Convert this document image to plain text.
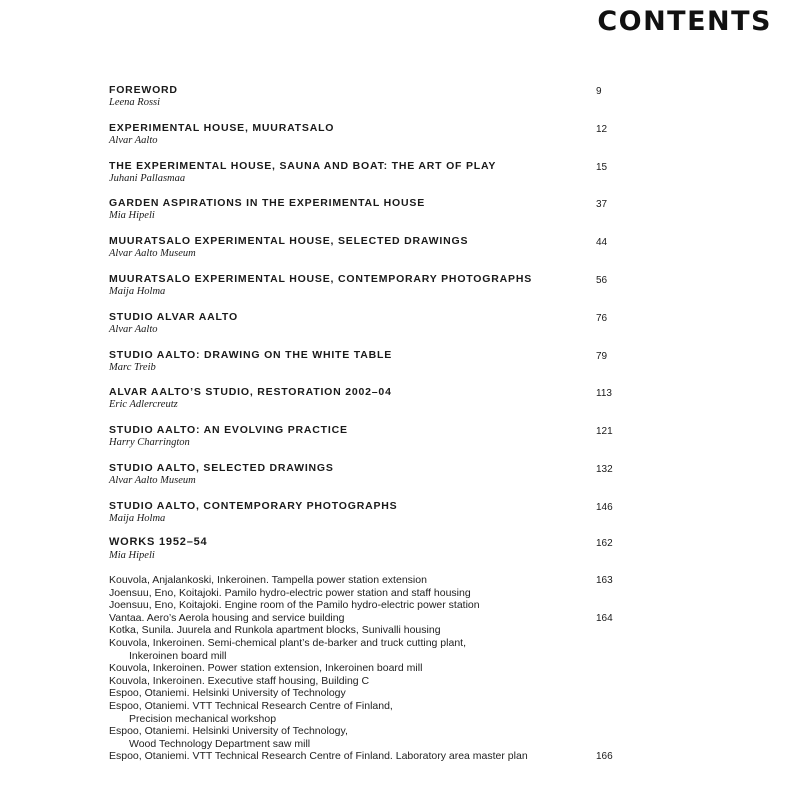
CONTENTS
FOREWORD
Leena Rossi
9
EXPERIMENTAL HOUSE, MUURATSALO
Alvar Aalto
12
THE EXPERIMENTAL HOUSE, SAUNA AND BOAT: THE ART OF PLAY
Juhani Pallasmaa
15
GARDEN ASPIRATIONS IN THE EXPERIMENTAL HOUSE
Mia Hipeli
37
MUURATSALO EXPERIMENTAL HOUSE, SELECTED DRAWINGS
Alvar Aalto Museum
44
MUURATSALO EXPERIMENTAL HOUSE, CONTEMPORARY PHOTOGRAPHS
Maija Holma
56
STUDIO ALVAR AALTO
Alvar Aalto
76
STUDIO AALTO: DRAWING ON THE WHITE TABLE
Marc Treib
79
ALVAR AALTO’S STUDIO, RESTORATION 2002–04
Eric Adlercreutz
113
STUDIO AALTO: AN EVOLVING PRACTICE
Harry Charrington
121
STUDIO AALTO, SELECTED DRAWINGS
Alvar Aalto Museum
132
STUDIO AALTO, CONTEMPORARY PHOTOGRAPHS
Maija Holma
146
WORKS 1952–54
Mia Hipeli
162
Kouvola, Anjalankoski, Inkeroinen. Tampella power station extension	163
Joensuu, Eno, Koitajoki. Pamilo hydro-electric power station and staff housing
Joensuu, Eno, Koitajoki. Engine room of the Pamilo hydro-electric power station
Vantaa. Aero’s Aerola housing and service building	164
Kotka, Sunila. Juurela and Runkola apartment blocks, Sunivalli housing
Kouvola, Inkeroinen. Semi-chemical plant’s de-barker and truck cutting plant,
Inkeroinen board mill
Kouvola, Inkeroinen. Power station extension, Inkeroinen board mill
Kouvola, Inkeroinen. Executive staff housing, Building C
Espoo, Otaniemi. Helsinki University of Technology
Espoo, Otaniemi. VTT Technical Research Centre of Finland,
Precision mechanical workshop
Espoo, Otaniemi. Helsinki University of Technology,
Wood Technology Department saw mill
Espoo, Otaniemi. VTT Technical Research Centre of Finland. Laboratory area master plan	166
